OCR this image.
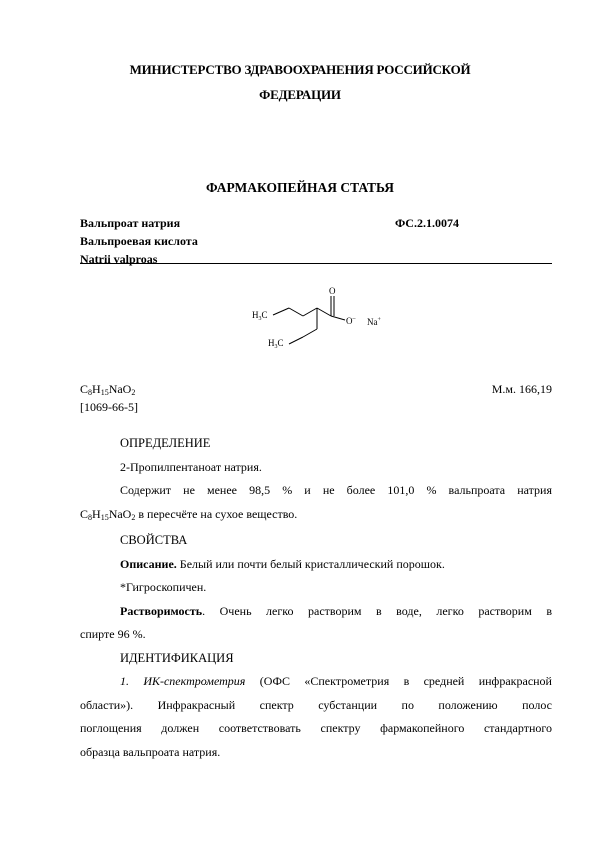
МИНИСТЕРСТВО ЗДРАВООХРАНЕНИЯ РОССИЙСКОЙ
ФЕДЕРАЦИИ
ФАРМАКОПЕЙНАЯ СТАТЬЯ
Вальпроат натрия	ФС.2.1.0074
Вальпроевая кислота
Natrii valproas
$H_3C$
$H_3C$
O
O– Na+
$C_8H_{15}NaO_2$	М.м. 166,19
[1069-66-5]

ОПРЕДЕЛЕНИЕ

2-Пропилпентаноат натрия.

Содержит не менее 98,5 % и не более 101,0 % вальпроата натрия

$C_8H_{15}NaO_2$ в пересчёте на сухое вещество.

СВОЙСТВА

Описание. Белый или почти белый кристаллический порошок.

*Гигроскопичен.

Растворимость. Очень легко растворим в воде, легко растворим в

спирте 96 %.

ИДЕНТИФИКАЦИЯ

1. ИК-спектрометрия (ОФС «Спектрометрия в средней инфракрасной

области»). Инфракрасный спектр субстанции по положению полос

поглощения должен соответствовать спектру фармакопейного стандартного

образца вальпроата натрия.
